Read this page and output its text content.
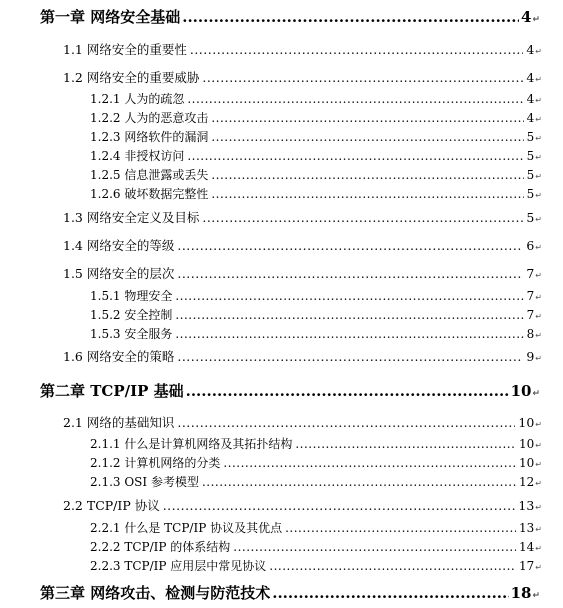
第一章 网络安全基础 .....	4 ↵
1.1 网络安全的重要性 .....	4 ↵
1.2 网络安全的重要威胁 .....	4 ↵
1.2.1 人为的疏忽 .....	4 ↵
1.2.2 人为的恶意攻击 .....	4 ↵
1.2.3 网络软件的漏洞 .....	5 ↵
1.2.4 非授权访问 .....	5 ↵
1.2.5 信息泄露或丢失 .....	5 ↵
1.2.6 破坏数据完整性 .....	5 ↵
1.3 网络安全定义及目标 .....	5 ↵
1.4 网络安全的等级 .....	6 ↵
1.5 网络安全的层次 .....	7 ↵
1.5.1 物理安全 .....	7 ↵
1.5.2 安全控制 .....	7 ↵
1.5.3 安全服务 .....	8 ↵
1.6 网络安全的策略 .....	9 ↵
第二章 TCP/IP 基础 .....	10 ↵
2.1 网络的基础知识 .....	10 ↵
2.1.1 什么是计算机网络及其拓扑结构 .....	10 ↵
2.1.2 计算机网络的分类 .....	10 ↵
2.1.3 OSI 参考模型 .....	12 ↵
2.2 TCP/IP 协议 .....	13 ↵
2.2.1 什么是 TCP/IP 协议及其优点 .....	13 ↵
2.2.2 TCP/IP 的体系结构 .....	14 ↵
2.2.3 TCP/IP 应用层中常见协议 .....	17 ↵
第三章 网络攻击、检测与防范技术 .....	18 ↵
